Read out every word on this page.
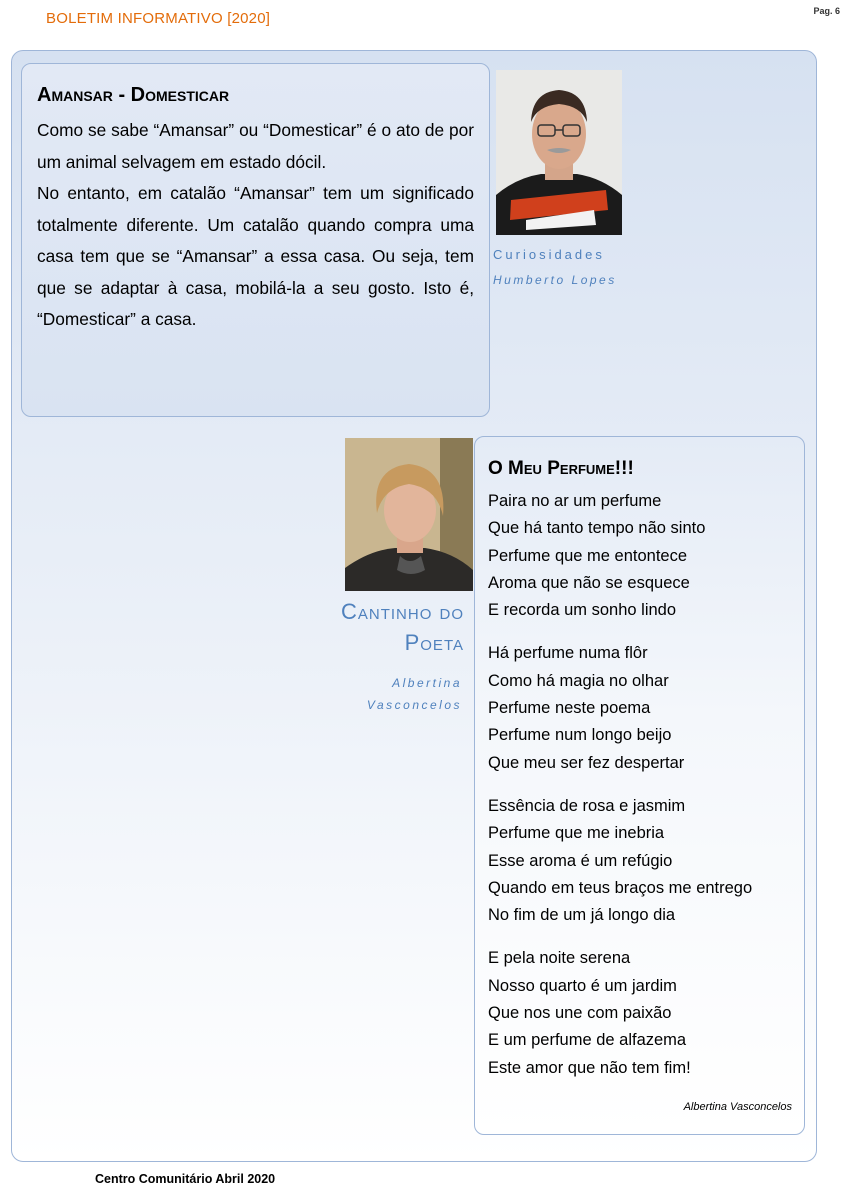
BOLETIM INFORMATIVO [2020]	Pag. 6
Amansar - Domesticar

Como se sabe “Amansar” ou “Domesticar” é o ato de por um animal selvagem em estado dócil.

No entanto, em catalão “Amansar” tem um significado totalmente diferente. Um catalão quando compra uma casa tem que se “Amansar” a essa casa. Ou seja, tem que se adaptar à casa, mobilá-la a seu gosto. Isto é, “Domesticar” a casa.

Curiosidades
Humberto Lopes
Cantinho do
Poeta
Albertina
Vasconcelos
O Meu Perfume!!!
Paira no ar um perfume
Que há tanto tempo não sinto
Perfume que me entontece
Aroma que não se esquece
E recorda um sonho lindo
Há perfume numa flôr
Como há magia no olhar
Perfume neste poema
Perfume num longo beijo
Que meu ser fez despertar
Essência de rosa e jasmim
Perfume que me inebria
Esse aroma é um refúgio
Quando em teus braços me entrego
No fim de um já longo dia
E pela noite serena
Nosso quarto é um jardim
Que nos une com paixão
E um perfume de alfazema
Este amor que não tem fim!
Albertina Vasconcelos
Centro Comunitário Abril 2020
